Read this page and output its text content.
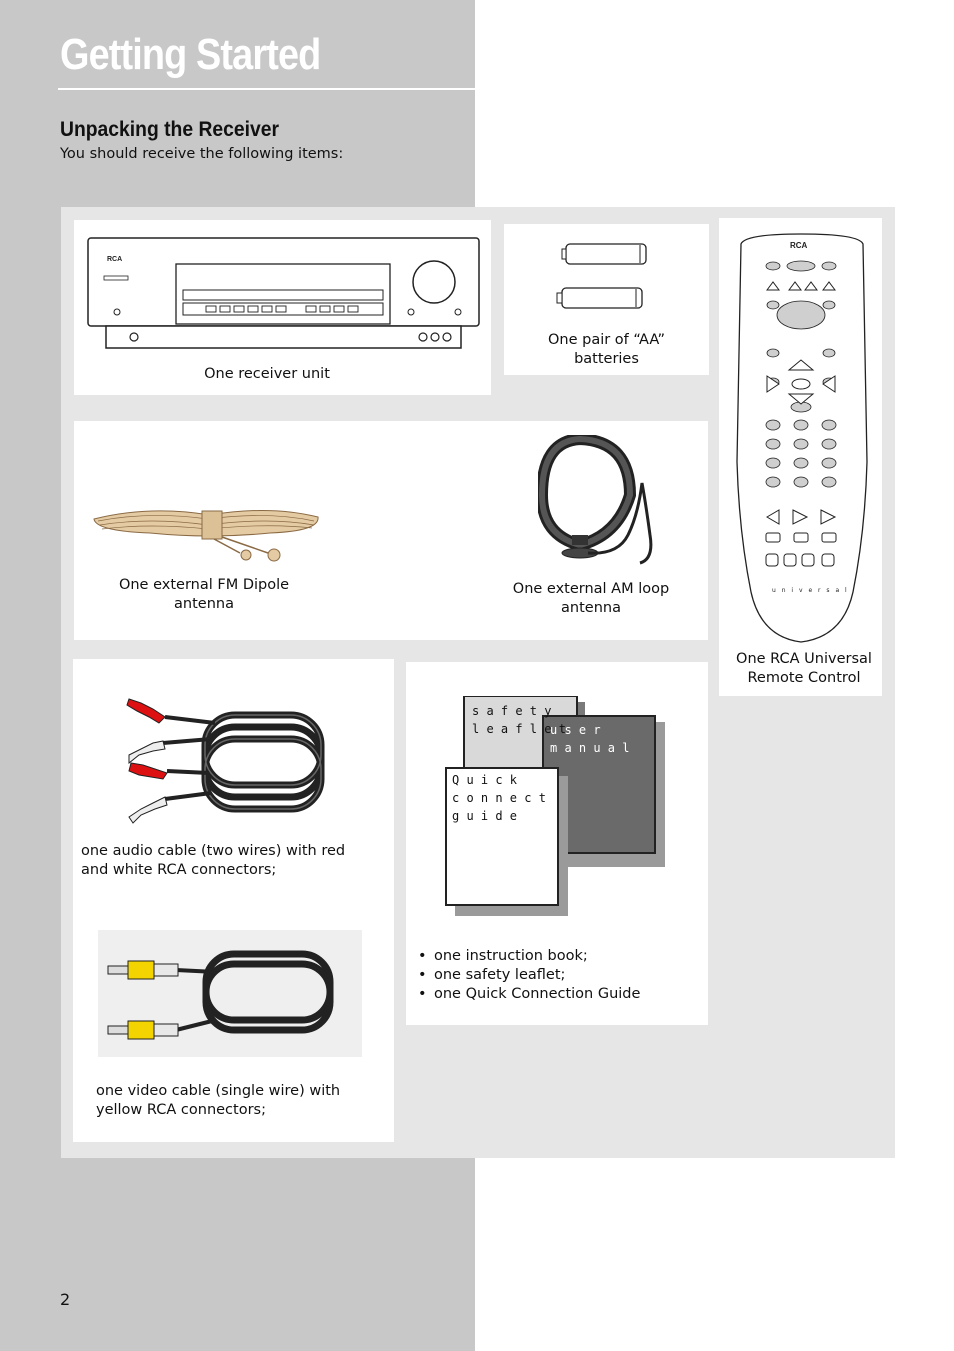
Getting Started
Unpacking the Receiver
You should receive the following items:
RCA
One receiver unit
One pair of “AA”
batteries
RCA
u n i v e r s a l
One RCA Universal
Remote Control
One external FM Dipole
antenna
One external AM loop
antenna
one audio cable (two wires) with red
and white RCA connectors;
one video cable (single wire) with
yellow RCA connectors;
s a f e t y
l e a f l e t
u s e r
m a n u a l
Q u i c k
c o n n e c t
g u i d e
• one instruction book;
• one safety leaflet;
• one Quick Connection Guide
2
